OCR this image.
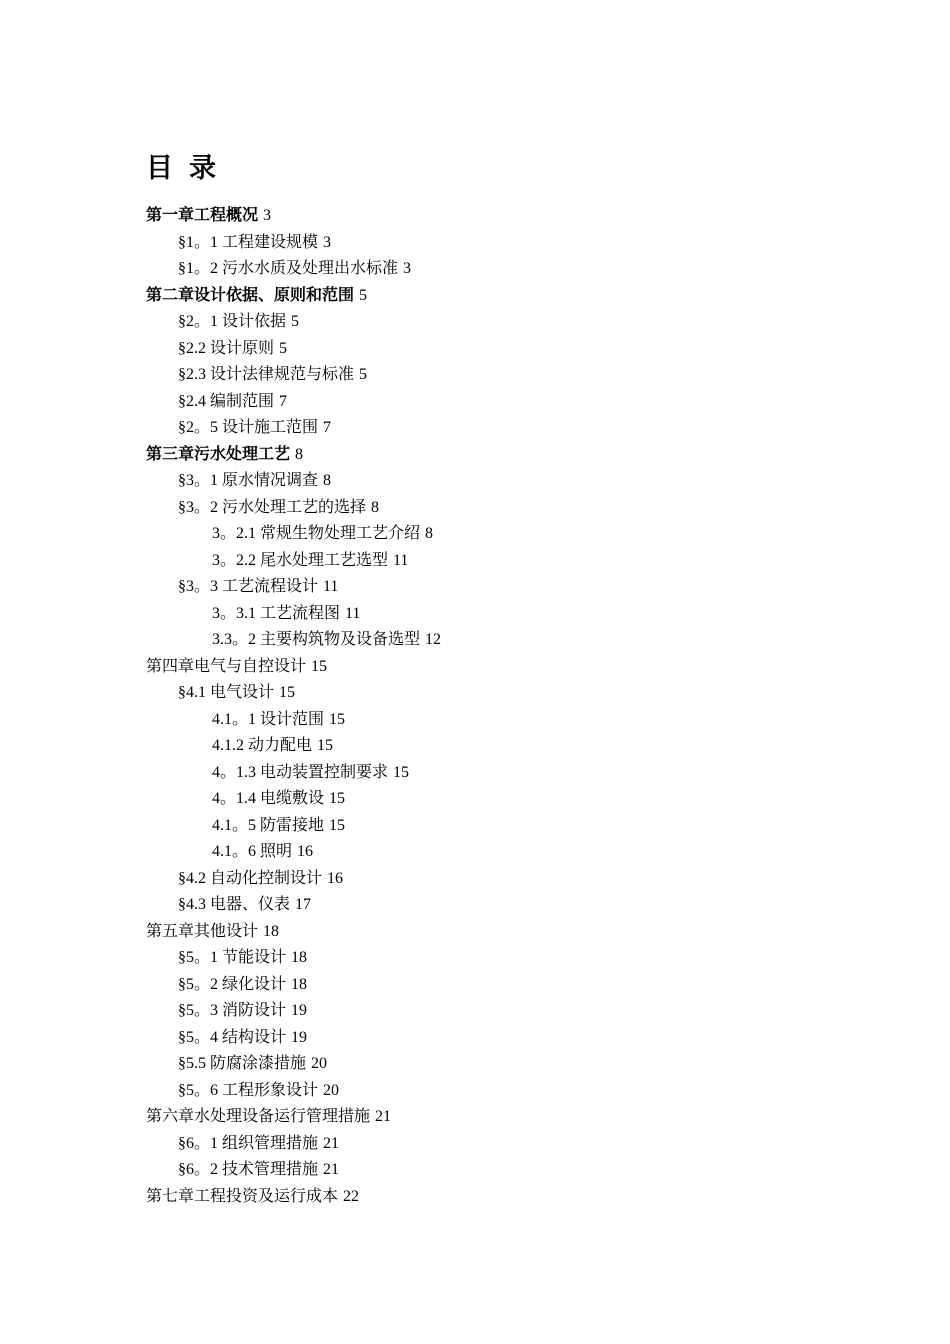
目 录
第一章工程概况 3
§1。1 工程建设规模 3
§1。2 污水水质及处理出水标准 3
第二章设计依据、原则和范围 5
§2。1 设计依据 5
§2.2 设计原则 5
§2.3 设计法律规范与标准 5
§2.4 编制范围 7
§2。5 设计施工范围 7
第三章污水处理工艺 8
§3。1 原水情况调查 8
§3。2 污水处理工艺的选择 8
3。2.1 常规生物处理工艺介绍 8
3。2.2 尾水处理工艺选型 11
§3。3 工艺流程设计 11
3。3.1 工艺流程图 11
3.3。2 主要构筑物及设备选型 12
第四章电气与自控设计 15
§4.1 电气设计 15
4.1。1 设计范围 15
4.1.2 动力配电 15
4。1.3 电动装置控制要求 15
4。1.4 电缆敷设 15
4.1。5 防雷接地 15
4.1。6 照明 16
§4.2 自动化控制设计 16
§4.3 电器、仪表 17
第五章其他设计 18
§5。1 节能设计 18
§5。2 绿化设计 18
§5。3 消防设计 19
§5。4 结构设计 19
§5.5 防腐涂漆措施 20
§5。6 工程形象设计 20
第六章水处理设备运行管理措施 21
§6。1 组织管理措施 21
§6。2 技术管理措施 21
第七章工程投资及运行成本 22
